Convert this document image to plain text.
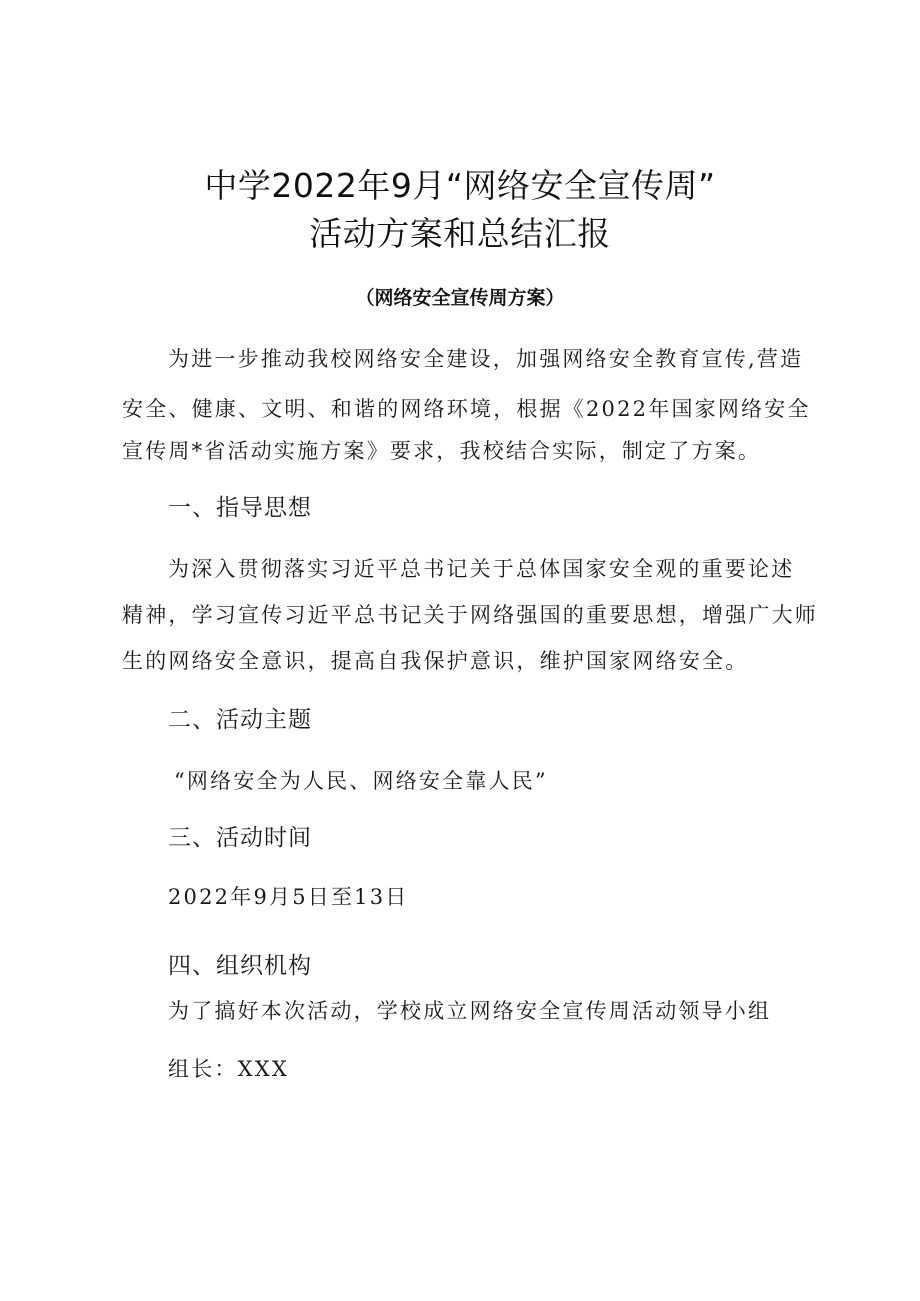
中学2022年9月“网络安全宣传周”
活动方案和总结汇报
（网络安全宣传周方案）
为进一步推动我校网络安全建设，加强网络安全教育宣传,营造
安全、健康、文明、和谐的网络环境，根据《2022年国家网络安全
宣传周*省活动实施方案》要求，我校结合实际，制定了方案。
一、指导思想
为深入贯彻落实习近平总书记关于总体国家安全观的重要论述
精神，学习宣传习近平总书记关于网络强国的重要思想，增强广大师
生的网络安全意识，提高自我保护意识，维护国家网络安全。
二、活动主题
“网络安全为人民、网络安全靠人民”
三、活动时间
2022年9月5日至13日
四、组织机构
为了搞好本次活动，学校成立网络安全宣传周活动领导小组
组长：XXX
